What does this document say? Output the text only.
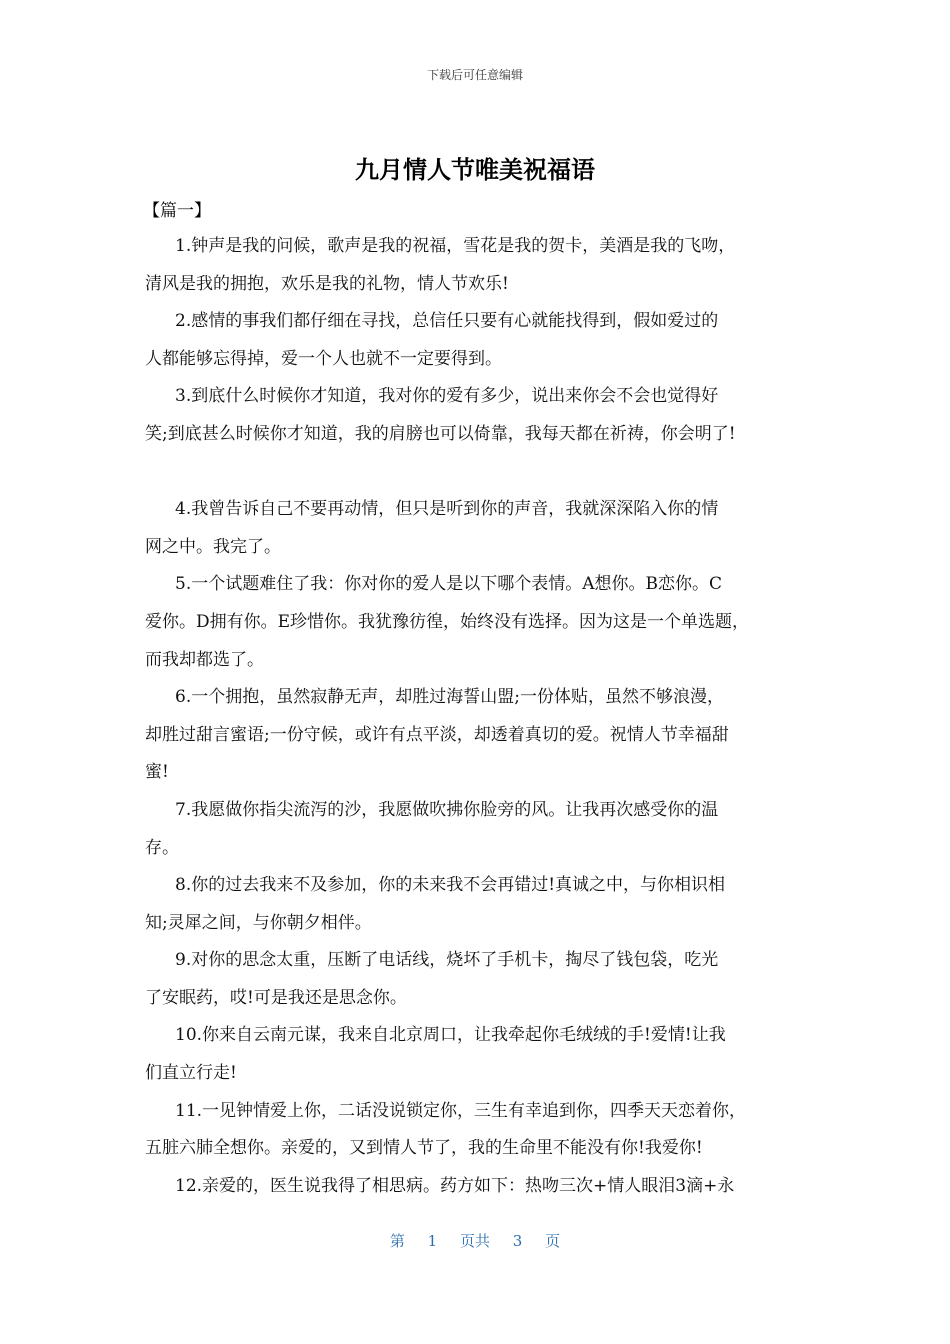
下载后可任意编辑
九月情人节唯美祝福语
【篇一】
1.钟声是我的问候，歌声是我的祝福，雪花是我的贺卡，美酒是我的飞吻，
清风是我的拥抱，欢乐是我的礼物，情人节欢乐!
2.感情的事我们都仔细在寻找，总信任只要有心就能找得到，假如爱过的
人都能够忘得掉，爱一个人也就不一定要得到。
3.到底什么时候你才知道，我对你的爱有多少，说出来你会不会也觉得好
笑;到底甚么时候你才知道，我的肩膀也可以倚靠，我每天都在祈祷，你会明了!
4.我曾告诉自己不要再动情，但只是听到你的声音，我就深深陷入你的情
网之中。我完了。
5.一个试题难住了我：你对你的爱人是以下哪个表情。A想你。B恋你。C
爱你。D拥有你。E珍惜你。我犹豫彷徨，始终没有选择。因为这是一个单选题，
而我却都选了。
6.一个拥抱，虽然寂静无声，却胜过海誓山盟;一份体贴，虽然不够浪漫，
却胜过甜言蜜语;一份守候，或许有点平淡，却透着真切的爱。祝情人节幸福甜
蜜!
7.我愿做你指尖流泻的沙，我愿做吹拂你脸旁的风。让我再次感受你的温
存。
8.你的过去我来不及参加，你的未来我不会再错过!真诚之中，与你相识相
知;灵犀之间，与你朝夕相伴。
9.对你的思念太重，压断了电话线，烧坏了手机卡，掏尽了钱包袋，吃光
了安眠药，哎!可是我还是思念你。
10.你来自云南元谋，我来自北京周口，让我牵起你毛绒绒的手!爱情!让我
们直立行走!
11.一见钟情爱上你，二话没说锁定你，三生有幸追到你，四季天天恋着你，
五脏六肺全想你。亲爱的，又到情人节了，我的生命里不能没有你!我爱你!
12.亲爱的，医生说我得了相思病。药方如下：热吻三次+情人眼泪3滴+永
第 1 页共 3 页
